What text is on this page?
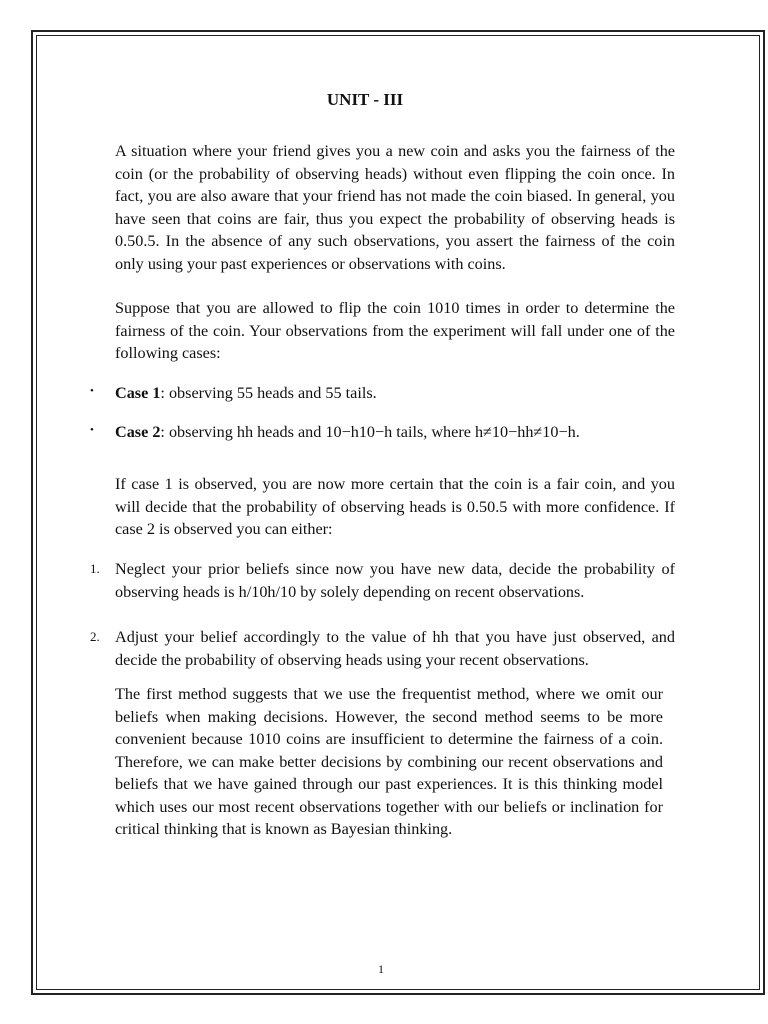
UNIT - III

A situation where your friend gives you a new coin and asks you the fairness of the coin (or the probability of observing heads) without even flipping the coin once. In fact, you are also aware that your friend has not made the coin biased. In general, you have seen that coins are fair, thus you expect the probability of observing heads is 0.50.5. In the absence of any such observations, you assert the fairness of the coin only using your past experiences or observations with coins.

Suppose that you are allowed to flip the coin 1010 times in order to determine the fairness of the coin. Your observations from the experiment will fall under one of the following cases:

• Case 1: observing 55 heads and 55 tails.
• Case 2: observing hh heads and 10−h10−h tails, where h≠10−hh≠10−h.

If case 1 is observed, you are now more certain that the coin is a fair coin, and you will decide that the probability of observing heads is 0.50.5 with more confidence. If case 2 is observed you can either:

1. Neglect your prior beliefs since now you have new data, decide the probability of observing heads is h/10h/10 by solely depending on recent observations.

2. Adjust your belief accordingly to the value of hh that you have just observed, and decide the probability of observing heads using your recent observations.

The first method suggests that we use the frequentist method, where we omit our beliefs when making decisions. However, the second method seems to be more convenient because 1010 coins are insufficient to determine the fairness of a coin. Therefore, we can make better decisions by combining our recent observations and beliefs that we have gained through our past experiences. It is this thinking model which uses our most recent observations together with our beliefs or inclination for critical thinking that is known as Bayesian thinking.

1
